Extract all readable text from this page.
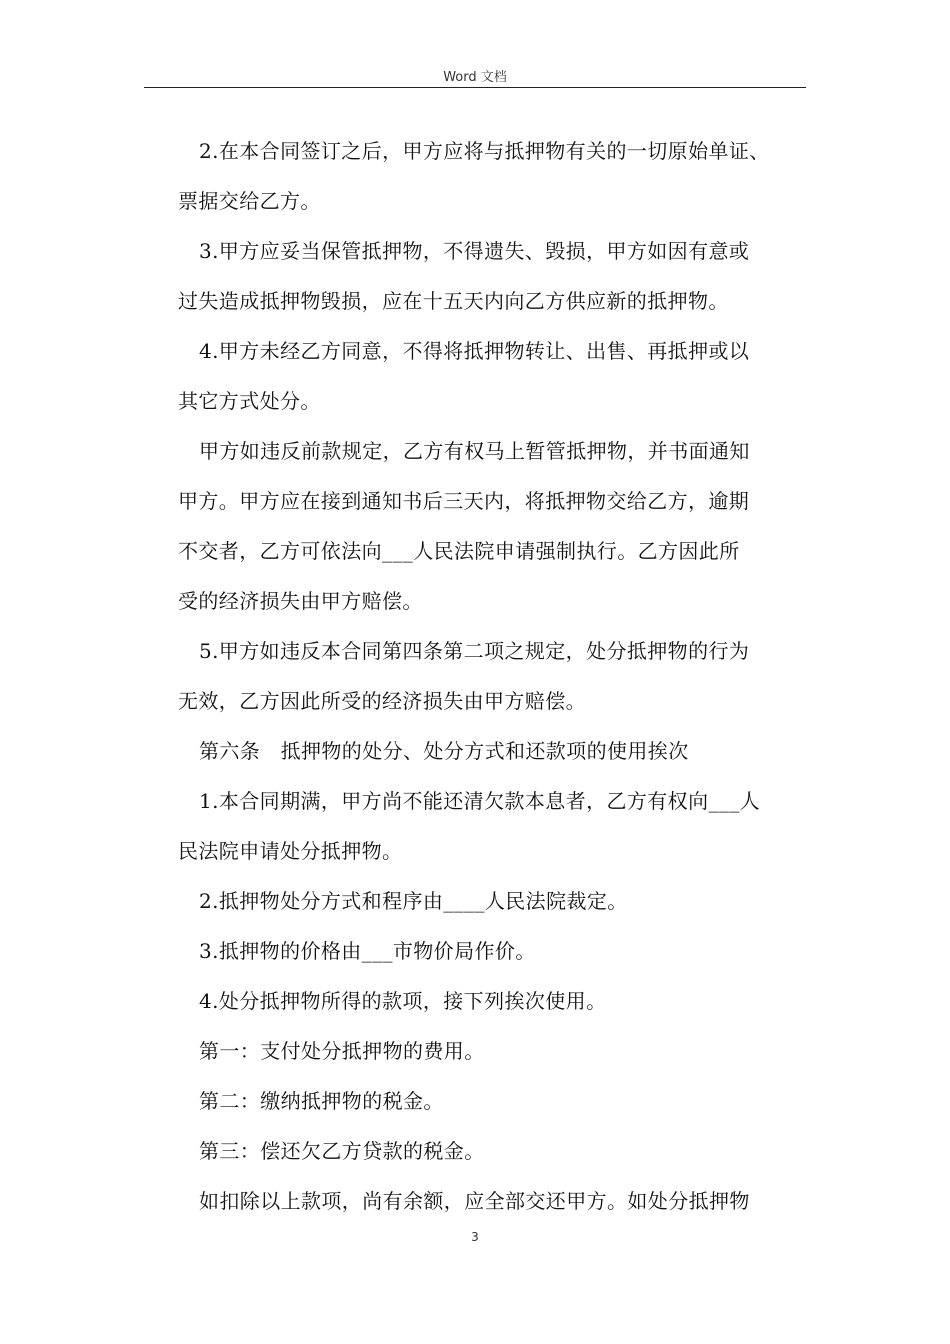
Word 文档

2.在本合同签订之后，甲方应将与抵押物有关的一切原始单证、
票据交给乙方。

3.甲方应妥当保管抵押物，不得遗失、毁损，甲方如因有意或
过失造成抵押物毁损，应在十五天内向乙方供应新的抵押物。

4.甲方未经乙方同意，不得将抵押物转让、出售、再抵押或以
其它方式处分。

甲方如违反前款规定，乙方有权马上暂管抵押物，并书面通知
甲方。甲方应在接到通知书后三天内，将抵押物交给乙方，逾期
不交者，乙方可依法向___人民法院申请强制执行。乙方因此所
受的经济损失由甲方赔偿。

5.甲方如违反本合同第四条第二项之规定，处分抵押物的行为
无效，乙方因此所受的经济损失由甲方赔偿。

第六条　抵押物的处分、处分方式和还款项的使用挨次

1.本合同期满，甲方尚不能还清欠款本息者，乙方有权向___人
民法院申请处分抵押物。

2.抵押物处分方式和程序由____人民法院裁定。

3.抵押物的价格由___市物价局作价。

4.处分抵押物所得的款项，接下列挨次使用。

第一：支付处分抵押物的费用。

第二：缴纳抵押物的税金。

第三：偿还欠乙方贷款的税金。

如扣除以上款项，尚有余额，应全部交还甲方。如处分抵押物

3
